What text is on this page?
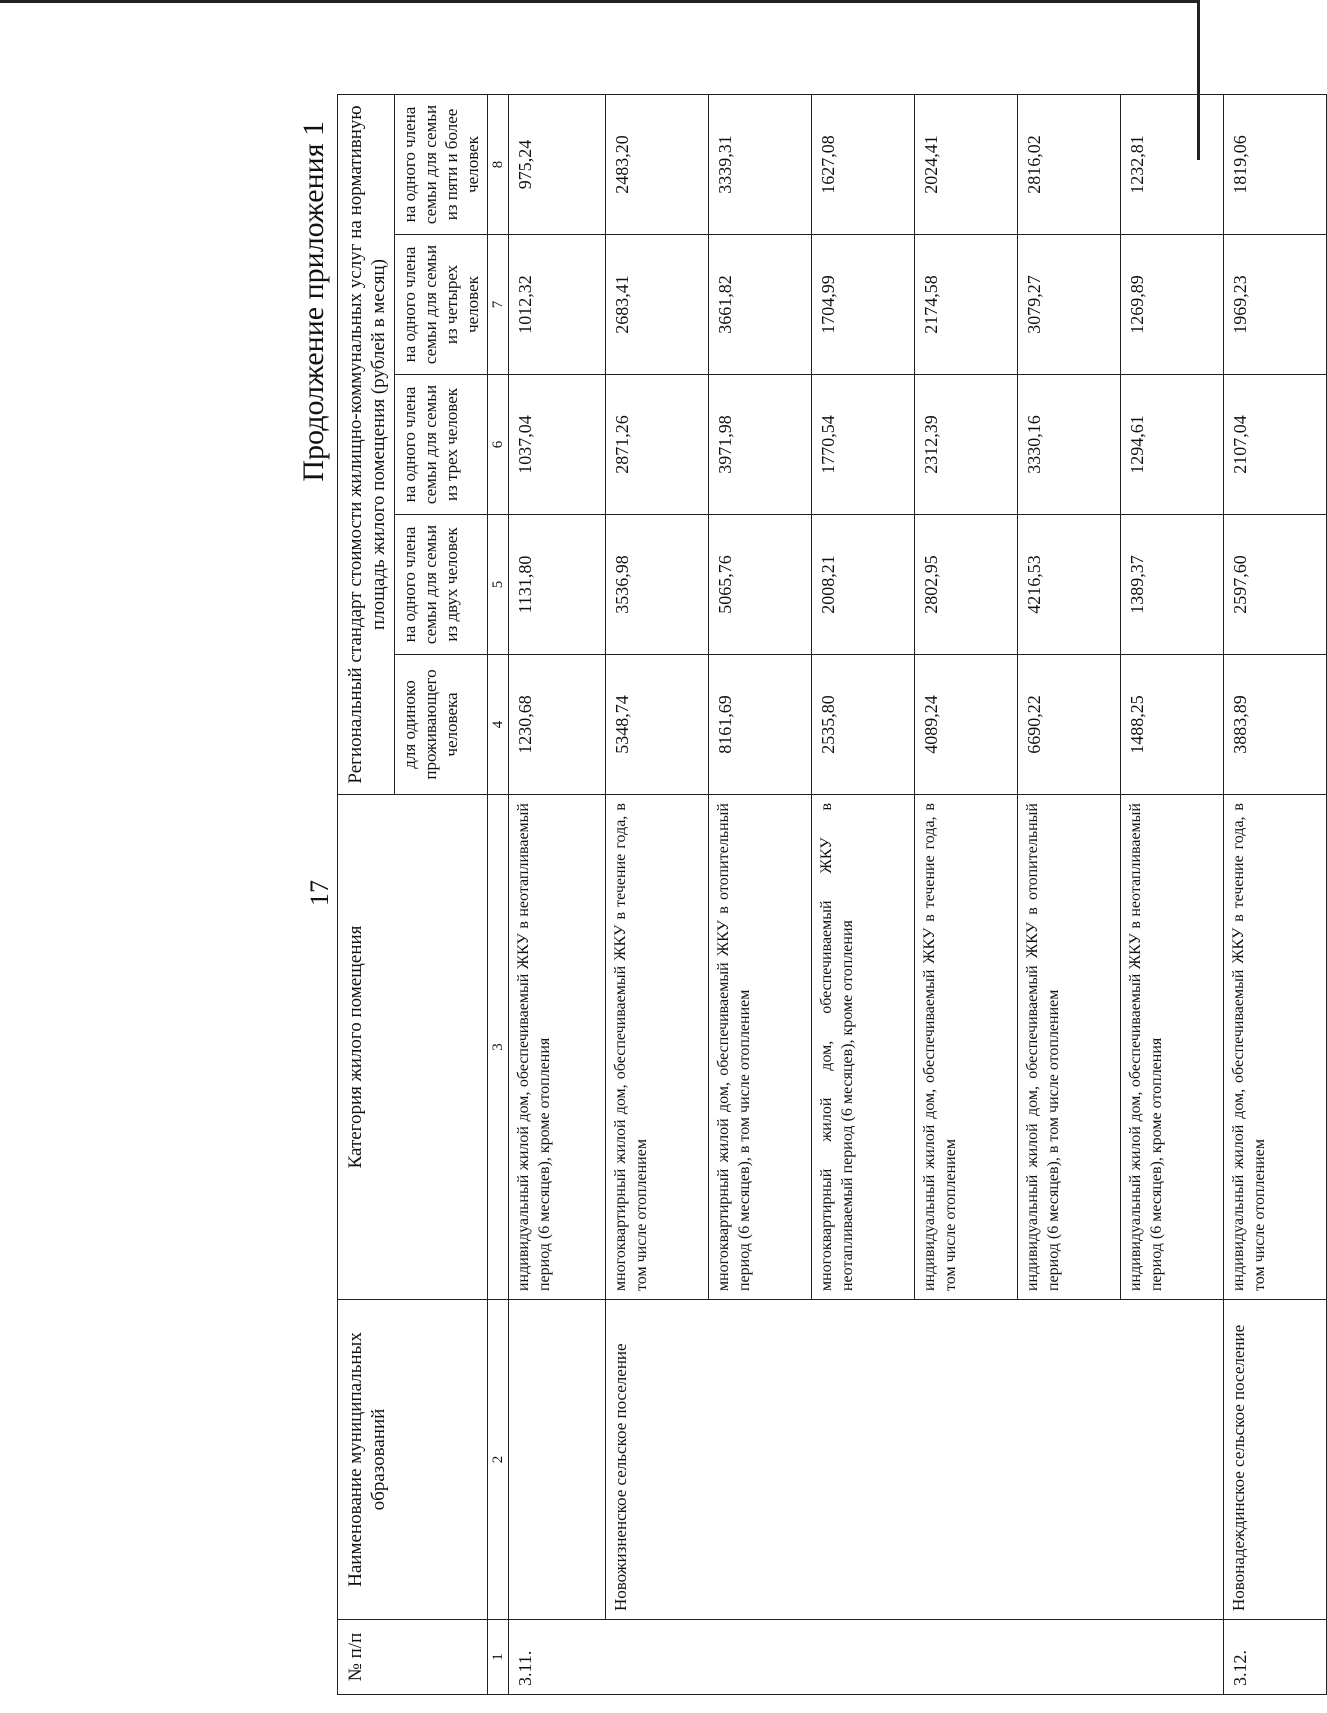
17
Продолжение приложения 1
№ п/п	Наименование муниципальных образований	Категория жилого помещения	Региональный стандарт стоимости жилищно-коммунальных услуг на нормативную площадь жилого помещения (рублей в месяц)				
			для одиноко проживающего человека	на одного члена семьи для семьи из двух человек	на одного члена семьи для семьи из трех человек	на одного члена семьи для семьи из четырех человек	на одного члена семьи для семьи из пяти и более человек
1	2	3	4	5	6	7	8
3.11.		индивидуальный жилой дом, обеспечиваемый ЖКУ в неотапливаемый период (6 месяцев), кроме отопления	1230,68	1131,80	1037,04	1012,32	975,24
	Новожизненское сельское поселение	многоквартирный жилой дом, обеспечиваемый ЖКУ в течение года, в том числе отоплением	5348,74	3536,98	2871,26	2683,41	2483,20
		многоквартирный жилой дом, обеспечиваемый ЖКУ в отопительный период (6 месяцев), в том числе отоплением	8161,69	5065,76	3971,98	3661,82	3339,31
		многоквартирный жилой дом, обеспечиваемый ЖКУ в неотапливаемый период (6 месяцев), кроме отопления	2535,80	2008,21	1770,54	1704,99	1627,08
		индивидуальный жилой дом, обеспечиваемый ЖКУ в течение года, в том числе отоплением	4089,24	2802,95	2312,39	2174,58	2024,41
		индивидуальный жилой дом, обеспечиваемый ЖКУ в отопительный период (6 месяцев), в том числе отоплением	6690,22	4216,53	3330,16	3079,27	2816,02
		индивидуальный жилой дом, обеспечиваемый ЖКУ в неотапливаемый период (6 месяцев), кроме отопления	1488,25	1389,37	1294,61	1269,89	1232,81
3.12.	Новонадеждинское сельское поселение	индивидуальный жилой дом, обеспечиваемый ЖКУ в течение года, в том числе отоплением	3883,89	2597,60	2107,04	1969,23	1819,06
